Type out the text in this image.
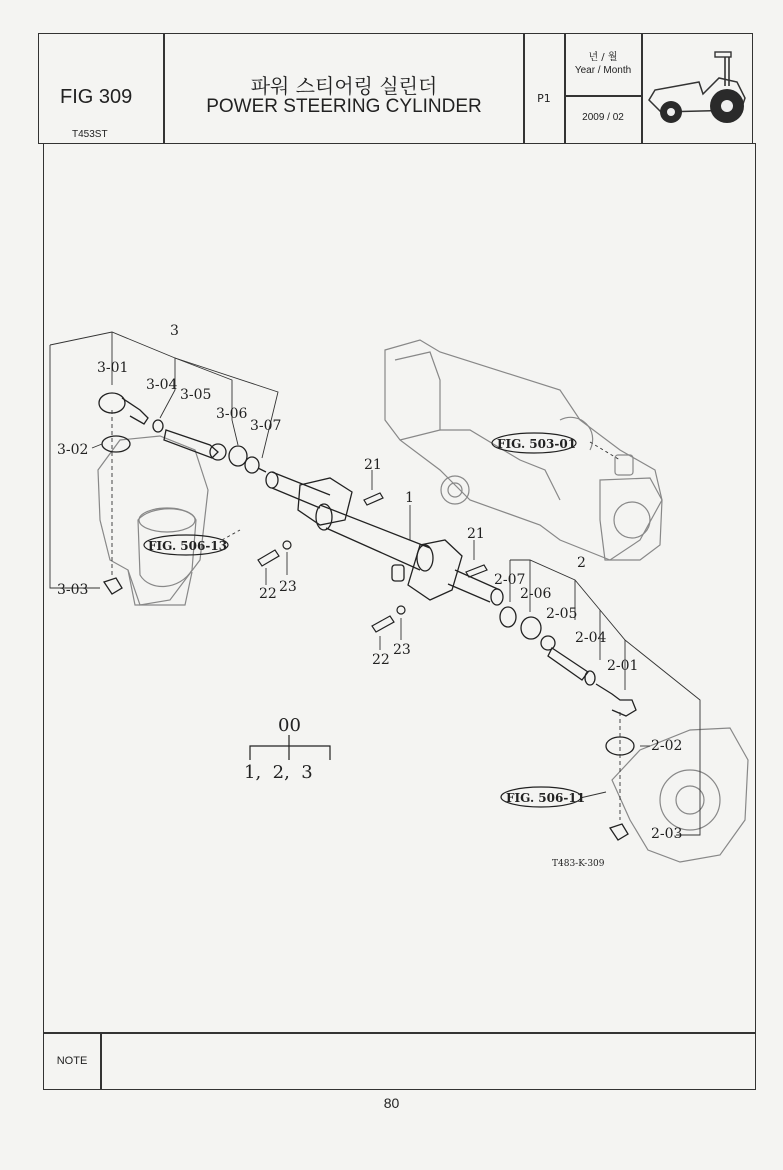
FIG 309
T453ST
파워 스티어링 실린더
POWER STEERING CYLINDER	P1
년 / 월
Year / Month
2009 / 02
3
3-01
3-04
3-05
3-06
3-07
3-02
3-03
21
1
21
22 23
22
23
2
2-07
2-06
2-05
2-04
2-01
2-02
2-03
FIG. 503-01
FIG. 506-13
FIG. 506-11
00
1,  2,  3
T483-K-309
NOTE
80
